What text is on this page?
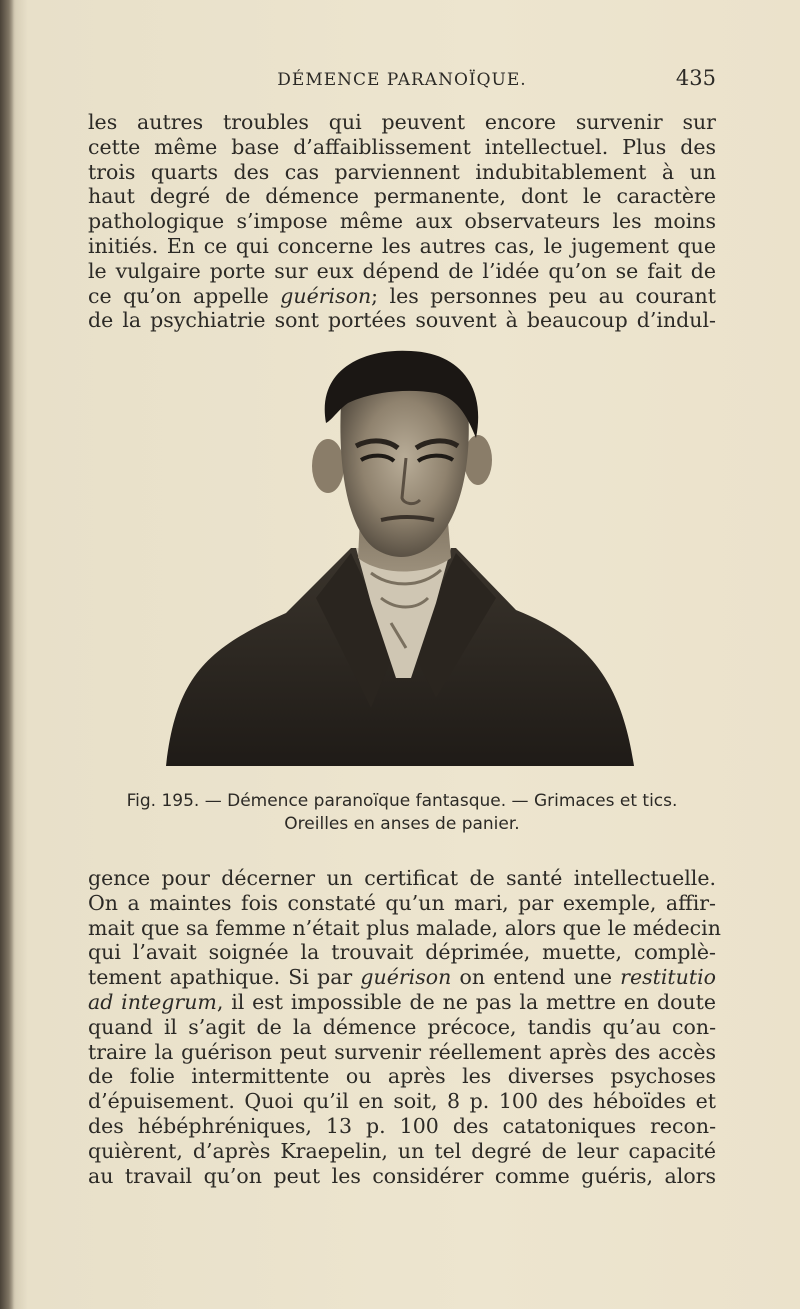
DÉMENCE PARANOÏQUE.	435
les autres troubles qui peuvent encore survenir sur
cette même base d’affaiblissement intellectuel. Plus des
trois quarts des cas parviennent indubitablement à un
haut degré de démence permanente, dont le caractère
pathologique s’impose même aux observateurs les moins
initiés. En ce qui concerne les autres cas, le jugement que
le vulgaire porte sur eux dépend de l’idée qu’on se fait de
ce qu’on appelle guérison; les personnes peu au courant
de la psychiatrie sont portées souvent à beaucoup d’indul-
Fig. 195. — Démence paranoïque fantasque. — Grimaces et tics.
Oreilles en anses de panier.
gence pour décerner un certificat de santé intellectuelle.
On a maintes fois constaté qu’un mari, par exemple, affir-
mait que sa femme n’était plus malade, alors que le médecin
qui l’avait soignée la trouvait déprimée, muette, complè-
tement apathique. Si par guérison on entend une restitutio
ad integrum, il est impossible de ne pas la mettre en doute
quand il s’agit de la démence précoce, tandis qu’au con-
traire la guérison peut survenir réellement après des accès
de folie intermittente ou après les diverses psychoses
d’épuisement. Quoi qu’il en soit, 8 p. 100 des héboïdes et
des hébéphréniques, 13 p. 100 des catatoniques recon-
quièrent, d’après Kraepelin, un tel degré de leur capacité
au travail qu’on peut les considérer comme guéris, alors
